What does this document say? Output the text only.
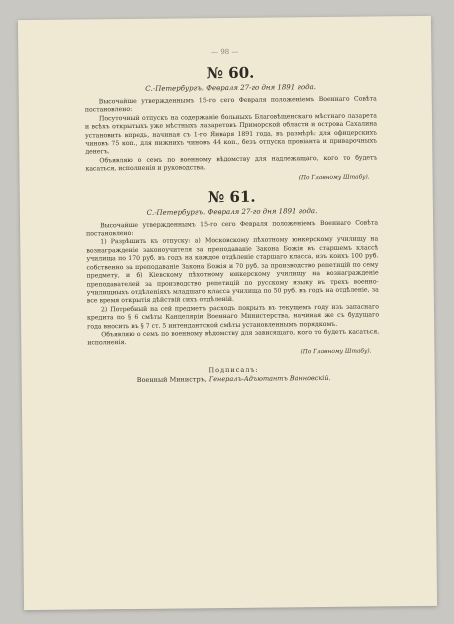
— 98 —
№ 60.
С.-Петербургъ. Февраля 27-го дня 1891 года.

Высочайше утвержденнымъ 15-го сего Февраля положенiемъ Военнаго Совѣта постановлено:

Посуточный отпускъ на содержанiе больныхъ Благовѣщенскаго мѣстнаго лазарета и всѣхъ открытыхъ уже мѣстныхъ лазаретовъ Приморской области и острова Сахалина установить впредь, начиная съ 1-го Января 1891 года, въ размѣрѣ: для офицерскихъ чиновъ 75 коп., для нижнихъ чиновъ 44 коп., безъ отпуска провiанта и приварочныхъ денегъ.

Объявляю о семъ по военному вѣдомству для надлежащаго, кого то будетъ касаться, исполненiя и руководства.

(По Главному Штабу).
№ 61.
С.-Петербургъ. Февраля 27-го дня 1891 года.

Высочайше утвержденнымъ 15-го сего Февраля положенiемъ Военнаго Совѣта постановлено:

1) Разрѣшить къ отпуску: а) Московскому пѣхотному юнкерскому училищу на вознагражденiе законоучителя за преподаванiе Закона Божiя въ старшемъ классѣ училища по 170 руб. въ годъ на каждое отдѣленiе старшаго класса, изъ коихъ 100 руб. собственно за преподаванiе Закона Божiя и 70 руб. за производство репетицiй по сему предмету, и б) Кiевскому пѣхотному юнкерскому училищу на вознагражденiе преподавателей за производство репетицiй по русскому языку въ трехъ военно-училищныхъ отдѣленiяхъ младшаго класса училища по 50 руб. въ годъ на отдѣленiе, за все время открытiя дѣйствiй сихъ отдѣленiй.

2) Потребный на сей предметъ расходъ покрыть въ текущемъ году изъ запаснаго кредита по § 6 смѣты Канцелярiи Военнаго Министерства, начиная же съ будущаго года вносить въ § 7 ст. 5 интендантской смѣты установленнымъ порядкомъ.

Объявляю о семъ по военному вѣдомству для зависящаго, кого то будетъ касаться, исполненiя.

(По Главному Штабу).
Подписалъ:
Военный Министръ, Генералъ-Адъютантъ Ванновскiй.
